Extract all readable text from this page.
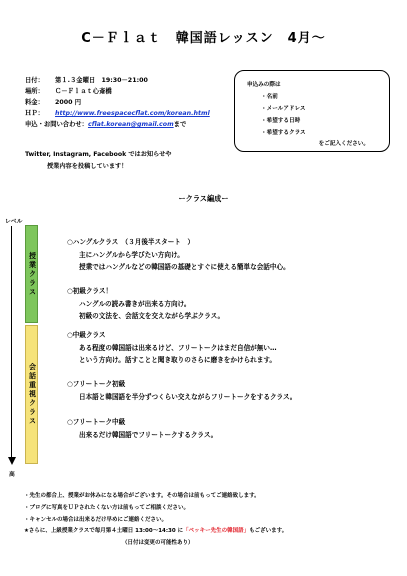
C－Ｆｌａｔ　韓国語レッスン　4月〜
日付： 第１.３金曜日　19:30－21:00
場所： Ｃ－Ｆｌａｔ心斎橋
料金： 2000 円
ＨＰ： http://www.freespacecflat.com/korean.html
申込・お問い合わせ：cflat.korean@gmail.comまで
Twitter, Instagram, Facebook ではお知らせや
授業内容を投稿しています！
申込みの際は
・名前
・メールアドレス
・希望する日時
・希望するクラス
をご記入ください。
ークラス編成ー
レベル
高
授業クラス
会話重視クラス
○ハングルクラス　（３月後半スタート　）
主にハングルから学びたい方向け。
授業ではハングルなどの韓国語の基礎とすぐに使える簡単な会話中心。
○初級クラス！
ハングルの読み書きが出来る方向け。
初級の文法を、会話文を交えながら学ぶクラス。
○中級クラス
ある程度の韓国語は出来るけど、フリートークはまだ自信が無い…
という方向け。話すことと聞き取りのさらに磨きをかけられます。
○フリートーク初級
日本語と韓国語を半分ずつくらい交えながらフリートークをするクラス。
○フリートーク中級
出来るだけ韓国語でフリートークするクラス。
・先生の都合上、授業がお休みになる場合がございます。その場合は前もってご連絡致します。
・ブログに写真をＵＰされたくない方は前もってご相談ください。
・キャンセルの場合は出来るだけ早めにご連絡ください。
★さらに、上級授業クラスで毎月第４土曜日 13:00～14:30 に「ペッキー先生の韓国語」もございます。
（日付は変更の可能性あり）
